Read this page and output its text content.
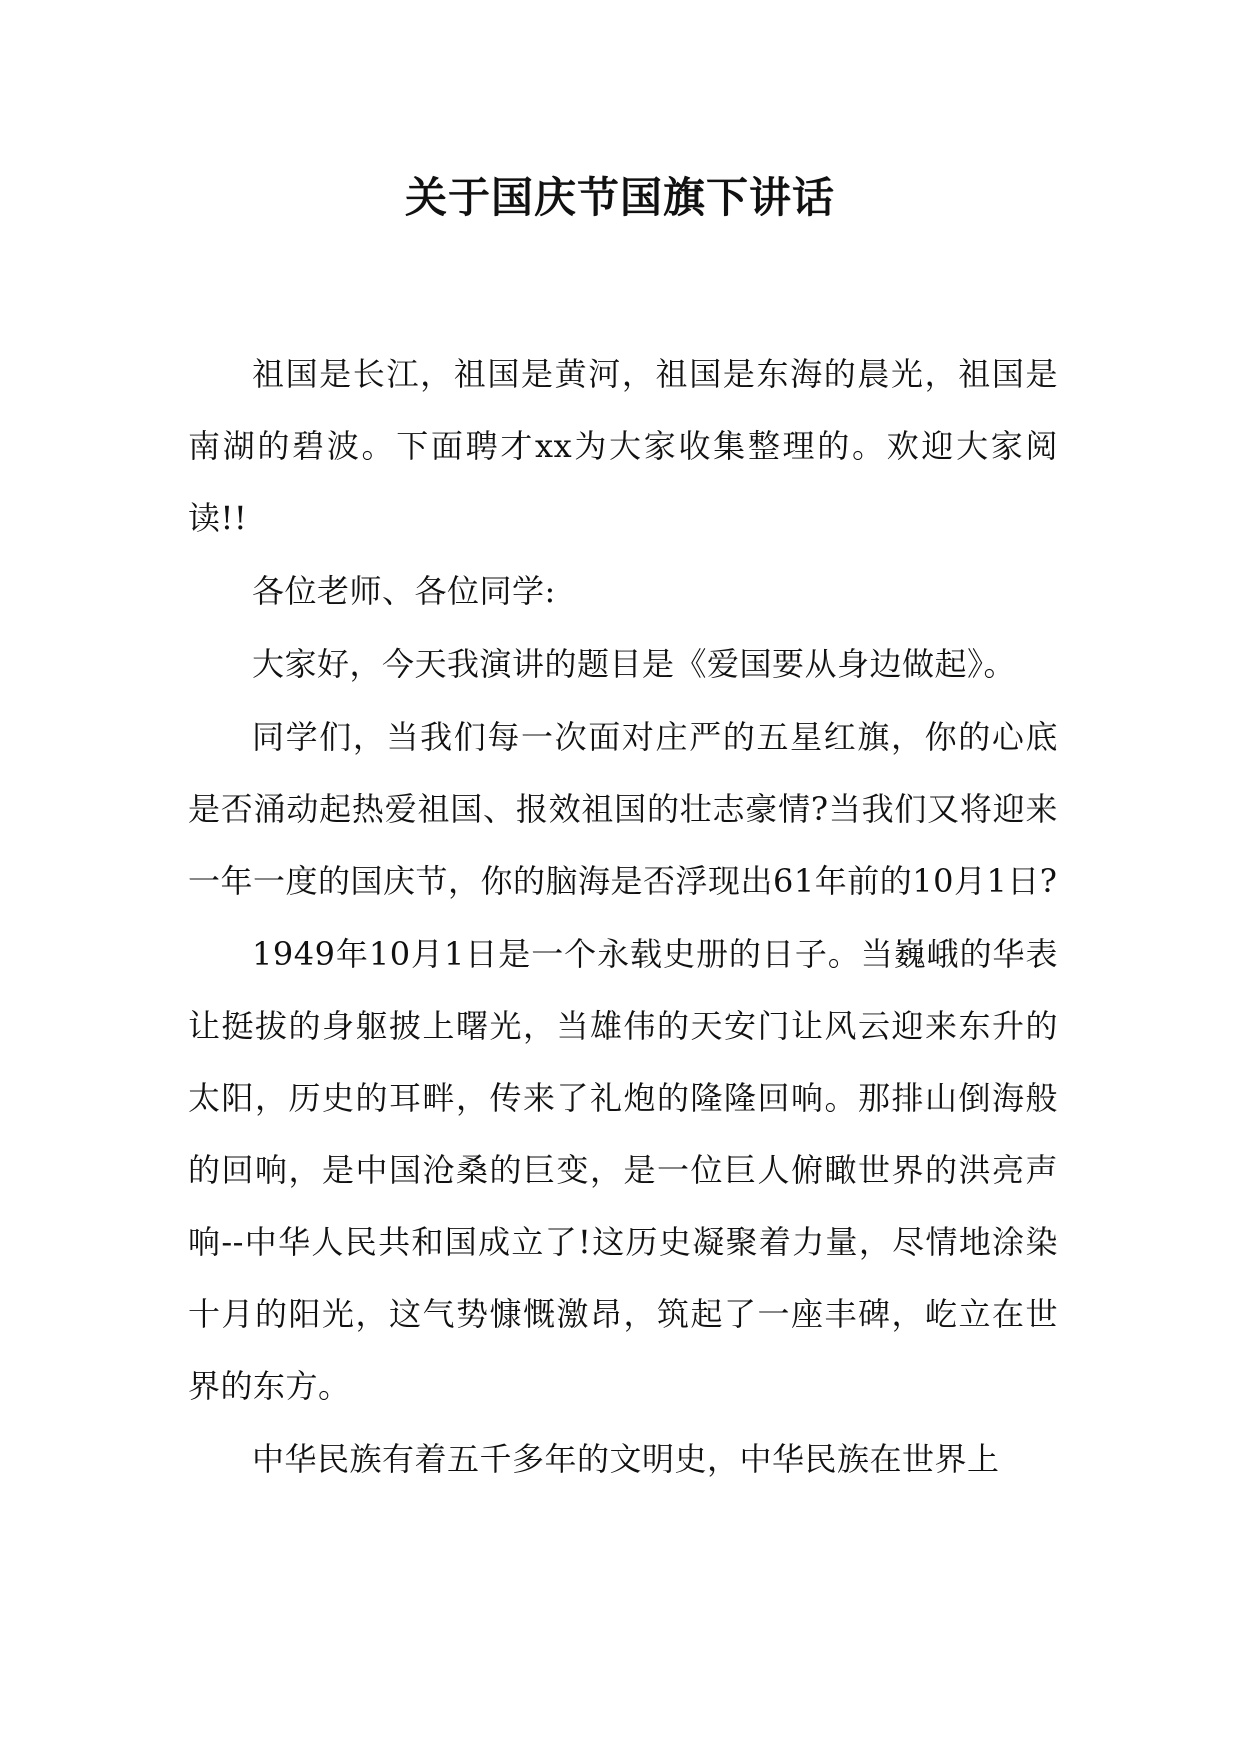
关于国庆节国旗下讲话

祖国是长江，祖国是黄河，祖国是东海的晨光，祖国是南湖的碧波。下面聘才xx为大家收集整理的。欢迎大家阅读!!

各位老师、各位同学:

大家好，今天我演讲的题目是《爱国要从身边做起》。

同学们，当我们每一次面对庄严的五星红旗，你的心底是否涌动起热爱祖国、报效祖国的壮志豪情?当我们又将迎来一年一度的国庆节，你的脑海是否浮现出61年前的10月1日?

1949年10月1日是一个永载史册的日子。当巍峨的华表让挺拔的身躯披上曙光，当雄伟的天安门让风云迎来东升的太阳，历史的耳畔，传来了礼炮的隆隆回响。那排山倒海般的回响，是中国沧桑的巨变，是一位巨人俯瞰世界的洪亮声响--中华人民共和国成立了!这历史凝聚着力量，尽情地涂染十月的阳光，这气势慷慨激昂，筑起了一座丰碑，屹立在世界的东方。

中华民族有着五千多年的文明史，中华民族在世界上
